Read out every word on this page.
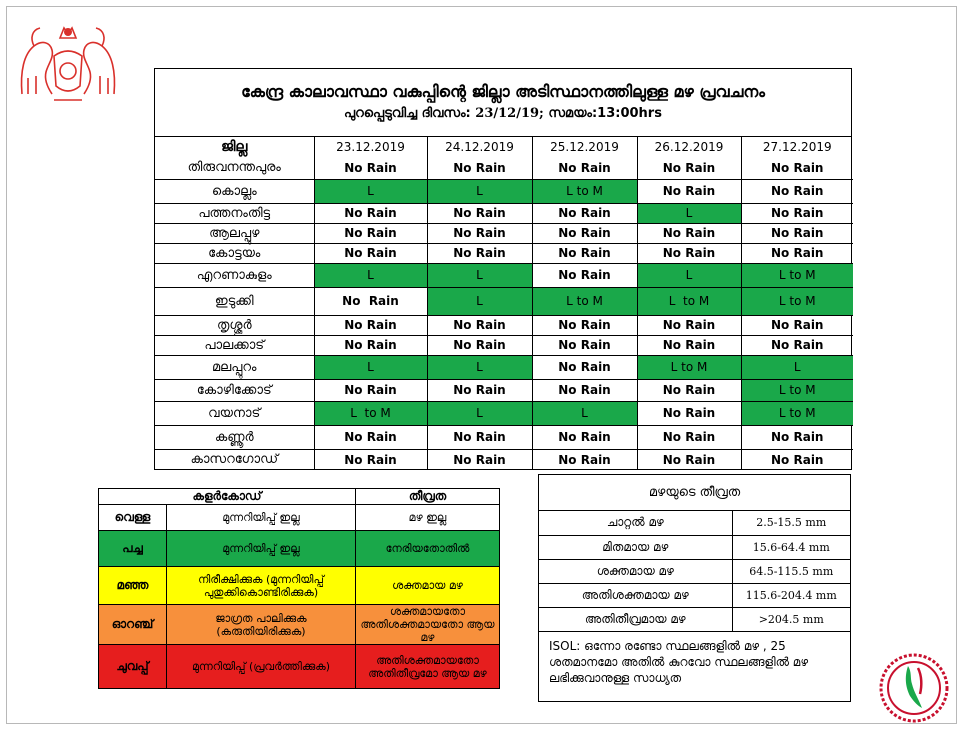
കേന്ദ്ര കാലാവസ്ഥാ വകുപ്പിന്റെ ജില്ലാ അടിസ്ഥാനത്തിലുള്ള മഴ പ്രവചനം
പുറപ്പെടുവിച്ച ദിവസം: 23/12/19; സമയം:13:00hrs
ജില്ല	23.12.2019	24.12.2019	25.12.2019	26.12.2019	27.12.2019
തിരുവനന്തപുരം	No Rain	No Rain	No Rain	No Rain	No Rain
കൊല്ലം	L	L	L to M	No Rain	No Rain
പത്തനംതിട്ട	No Rain	No Rain	No Rain	L	No Rain
ആലപ്പുഴ	No Rain	No Rain	No Rain	No Rain	No Rain
കോട്ടയം	No Rain	No Rain	No Rain	No Rain	No Rain
എറണാകുളം	L	L	No Rain	L	L to M
ഇടുക്കി	No  Rain	L	L to M	L  to M	L to M
തൃശ്ശൂർ	No Rain	No Rain	No Rain	No Rain	No Rain
പാലക്കാട്	No Rain	No Rain	No Rain	No Rain	No Rain
മലപ്പുറം	L	L	No Rain	L to M	L
കോഴിക്കോട്	No Rain	No Rain	No Rain	No Rain	L to M
വയനാട്	L  to M	L	L	No Rain	L to M
കണ്ണൂർ	No Rain	No Rain	No Rain	No Rain	No Rain
കാസറഗോഡ്	No Rain	No Rain	No Rain	No Rain	No Rain
കളർകോഡ്		തീവ്രത
വെള്ള	മുന്നറിയിപ്പ് ഇല്ല	മഴ ഇല്ല
പച്ച	മുന്നറിയിപ്പ് ഇല്ല	നേരിയതോതിൽ
മഞ്ഞ	നിരീക്ഷിക്കുക (മുന്നറിയിപ്പ് പുതുക്കികൊണ്ടിരിക്കുക)	ശക്തമായ മഴ
ഓറഞ്ച്	ജാഗ്രത പാലിക്കുക (കരുതിയിരിക്കുക)	ശക്തമായതോ അതിശക്തമായതോ ആയ മഴ
ചുവപ്പ്	മുന്നറിയിപ്പ് (പ്രവർത്തിക്കുക)	അതിശക്തമായതോ അതിതീവ്രമോ ആയ മഴ
മഴയുടെ തീവ്രത
ചാറ്റൽ മഴ	2.5-15.5 mm
മിതമായ മഴ	15.6-64.4 mm
ശക്തമായ മഴ	64.5-115.5 mm
അതിശക്തമായ മഴ	115.6-204.4 mm
അതിതീവ്രമായ മഴ	>204.5 mm
ISOL: ഒന്നോ രണ്ടോ സ്ഥലങ്ങളിൽ മഴ , 25 ശതമാനമോ അതിൽ കുറവോ സ്ഥലങ്ങളിൽ മഴ ലഭിക്കുവാനുള്ള സാധ്യത
